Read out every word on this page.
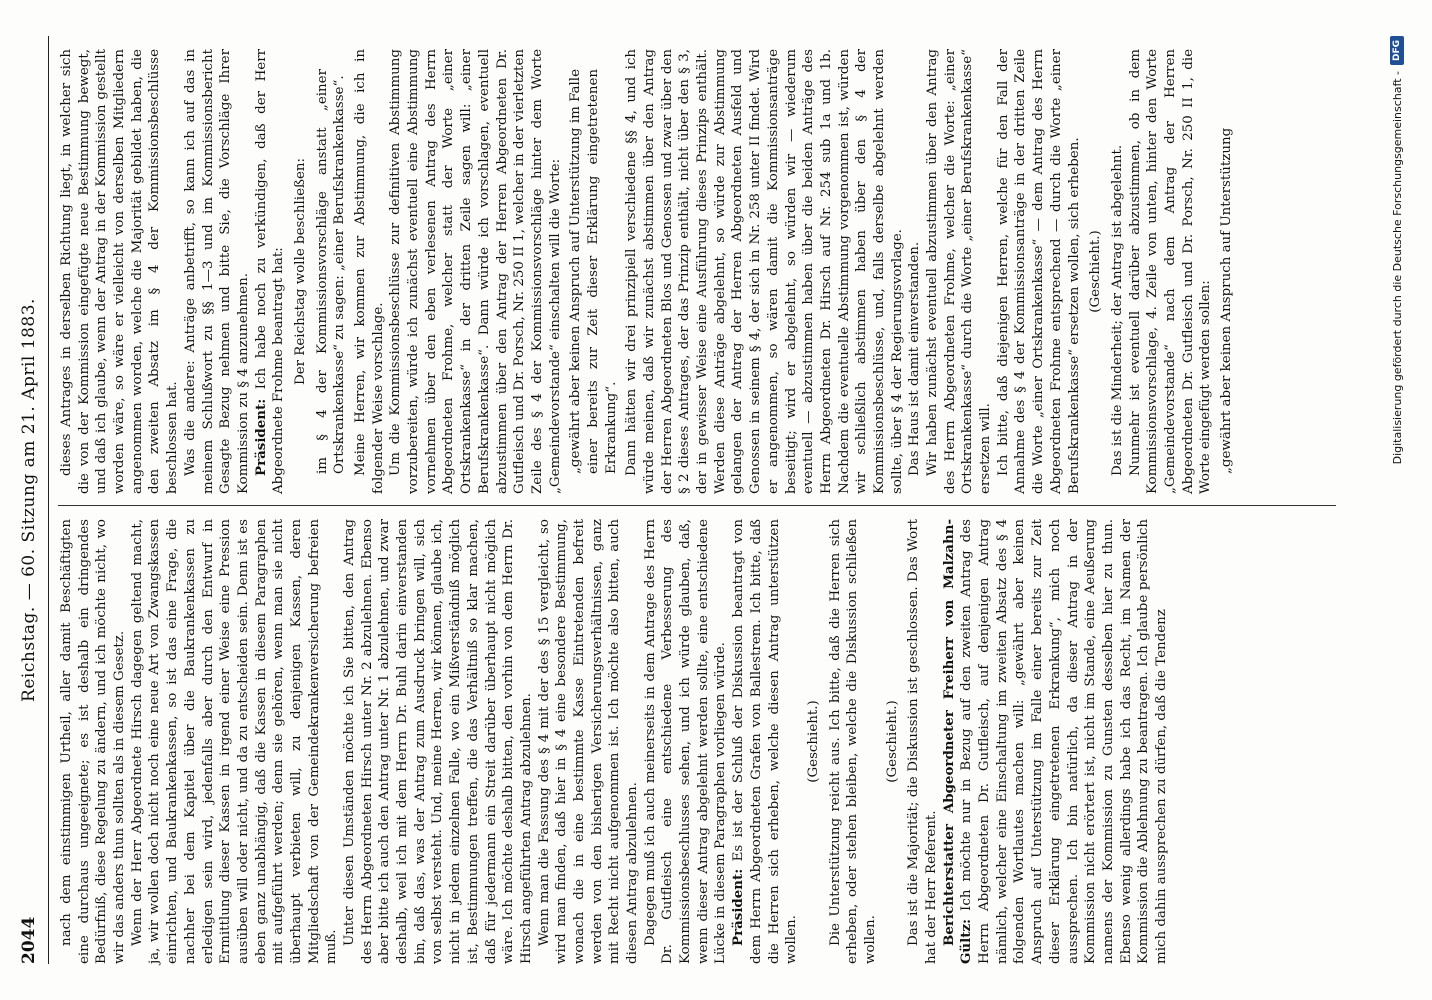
2044
Reichstag. — 60. Sitzung am 21. April 1883.

nach dem einstimmigen Urtheil, aller damit Beschäftigten eine durchaus ungeeignete; es ist deshalb ein dringendes Bedürfniß, diese Regelung zu ändern, und ich möchte nicht, wo wir das anders thun sollten als in diesem Gesetz. Wenn der Herr Abgeordnete Hirsch dagegen geltend macht, ja, wir wollen doch nicht noch eine neue Art von Zwangskassen einrichten, und Baukrankenkassen, so ist das eine Frage, die nachher bei dem Kapitel über die Baukrankenkassen zu erledigen sein wird, jedenfalls aber durch den Entwurf in Ermittlung dieser Kassen in irgend einer Weise eine Pression ausüben will oder nicht, und da zu entscheiden sein. Denn ist es eben ganz unabhängig, daß die Kassen in diesem Paragraphen mit aufgeführt werden; denn sie gehören, wenn man sie nicht überhaupt verbieten will, zu denjenigen Kassen, deren Mitgliedschaft von der Gemeindekrankenversicherung befreien muß.

Unter diesen Umständen möchte ich Sie bitten, den Antrag des Herrn Abgeordneten Hirsch unter Nr. 2 abzulehnen. Ebenso aber bitte ich auch den Antrag unter Nr. 1 abzulehnen, und zwar deshalb, weil ich mit dem Herrn Dr. Buhl darin einverstanden bin, daß das, was der Antrag zum Ausdruck bringen will, sich von selbst versteht. Und, meine Herren, wir können, glaube ich, nicht in jedem einzelnen Falle, wo ein Mißverständniß möglich ist, Bestimmungen treffen, die das Verhältniß so klar machen, daß für jedermann ein Streit darüber überhaupt nicht möglich wäre. Ich möchte deshalb bitten, den vorhin von dem Herrn Dr. Hirsch angeführten Antrag abzulehnen. Wenn man die Fassung des § 4 mit der des § 15 vergleicht, so wird man finden, daß hier in § 4 eine besondere Bestimmung, wonach die in eine bestimmte Kasse Eintretenden befreit werden von den bisherigen Versicherungsverhältnissen, ganz mit Recht nicht aufgenommen ist. Ich möchte also bitten, auch diesen Antrag abzulehnen. Dagegen muß ich auch meinerseits in dem Antrage des Herrn Dr. Gutfleisch eine entschiedene Verbesserung des Kommissionsbeschlusses sehen, und ich würde glauben, daß, wenn dieser Antrag abgelehnt werden sollte, eine entschiedene Lücke in diesem Paragraphen vorliegen würde. Präsident: Es ist der Schluß der Diskussion beantragt von dem Herrn Abgeordneten Grafen von Ballestrem. Ich bitte, daß die Herren sich erheben, welche diesen Antrag unterstützen wollen.

(Geschieht.) Die Unterstützung reicht aus. Ich bitte, daß die Herren sich erheben, oder stehen bleiben, welche die Diskussion schließen wollen.

(Geschieht.) Das ist die Majorität; die Diskussion ist geschlossen. Das Wort hat der Herr Referent. Berichterstatter Abgeordneter Freiherr von Malzahn-Gültz: Ich möchte nur in Bezug auf den zweiten Antrag des Herrn Abgeordneten Dr. Gutfleisch, auf denjenigen Antrag nämlich, welcher eine Einschaltung im zweiten Absatz des § 4 folgenden Wortlautes machen will: „gewährt aber keinen Anspruch auf Unterstützung im Falle einer bereits zur Zeit dieser Erklärung eingetretenen Erkrankung“, mich noch aussprechen. Ich bin natürlich, da dieser Antrag in der Kommission nicht erörtert ist, nicht im Stande, eine Aeußerung namens der Kommission zu Gunsten desselben hier zu thun. Ebenso wenig allerdings habe ich das Recht, im Namen der Kommission die Ablehnung zu beantragen. Ich glaube persönlich mich dahin aussprechen zu dürfen, daß die Tendenz

dieses Antrages in derselben Richtung liegt, in welcher sich die von der Kommission eingefügte neue Bestimmung bewegt, und daß ich glaube, wenn der Antrag in der Kommission gestellt worden wäre, so wäre er vielleicht von derselben Mitgliedern angenommen worden, welche die Majorität gebildet haben, die den zweiten Absatz im § 4 der Kommissionsbeschlüsse beschlossen hat. Was die andere: Anträge anbetrifft, so kann ich auf das in meinem Schlußwort zu §§ 1—3 und im Kommissionsbericht Gesagte Bezug nehmen und bitte Sie, die Vorschläge Ihrer Kommission zu § 4 anzunehmen. Präsident: Ich habe noch zu verkündigen, daß der Herr Abgeordnete Frohme beantragt hat: Der Reichstag wolle beschließen: im § 4 der Kommissionsvorschläge anstatt „einer Ortskrankenkasse“ zu sagen: „einer Berufskrankenkasse“. Meine Herren, wir kommen zur Abstimmung, die ich in folgender Weise vorschlage. Um die Kommissionsbeschlüsse zur definitiven Abstimmung vorzubereiten, würde ich zunächst eventuell eine Abstimmung vornehmen über den eben verlesenen Antrag des Herrn Abgeordneten Frohme, welcher statt der Worte „einer Ortskrankenkasse“ in der dritten Zeile sagen will: „einer Berufskrankenkasse“. Dann würde ich vorschlagen, eventuell abzustimmen über den Antrag der Herren Abgeordneten Dr. Gutfleisch und Dr. Porsch, Nr. 250 II 1, welcher in der vierletzten Zeile des § 4 der Kommissionsvorschläge hinter dem Worte „Gemeindevorstande“ einschalten will die Worte: „gewährt aber keinen Anspruch auf Unterstützung im Falle einer bereits zur Zeit dieser Erklärung eingetretenen Erkrankung“. Dann hätten wir drei prinzipiell verschiedene §§ 4, und ich würde meinen, daß wir zunächst abstimmen über den Antrag der Herren Abgeordneten Blos und Genossen und zwar über den § 2 dieses Antrages, der das Prinzip enthält, nicht über den § 3, der in gewisser Weise eine Ausführung dieses Prinzips enthält. Werden diese Anträge abgelehnt, so würde zur Abstimmung gelangen der Antrag der Herren Abgeordneten Ausfeld und Genossen in seinem § 4, der sich in Nr. 258 unter II findet. Wird er angenommen, so wären damit die Kommissionsanträge beseitigt; wird er abgelehnt, so würden wir — wiederum eventuell — abzustimmen haben über die beiden Anträge des Herrn Abgeordneten Dr. Hirsch auf Nr. 254 sub 1a und 1b. Nachdem die eventuelle Abstimmung vorgenommen ist, würden wir schließlich abstimmen haben über den § 4 der Kommissionsbeschlüsse, und, falls derselbe abgelehnt werden sollte, über § 4 der Regierungsvorlage. Das Haus ist damit einverstanden. Wir haben zunächst eventuell abzustimmen über den Antrag des Herrn Abgeordneten Frohme, welcher die Worte: „einer Ortskrankenkasse“ durch die Worte „einer Berufskrankenkasse“ ersetzen will. Ich bitte, daß diejenigen Herren, welche für den Fall der Annahme des § 4 der Kommissionsanträge in der dritten Zeile die Worte „einer Ortskrankenkasse“ — dem Antrag des Herrn Abgeordneten Frohme entsprechend — durch die Worte „einer Berufskrankenkasse“ ersetzen wollen, sich erheben. (Geschieht.) Das ist die Minderheit; der Antrag ist abgelehnt. Nunmehr ist eventuell darüber abzustimmen, ob in dem Kommissionsvorschlage, 4. Zeile von unten, hinter den Worte „Gemeindevorstande“ nach dem Antrag der Herren Abgeordneten Dr. Gutfleisch und Dr. Porsch, Nr. 250 II 1, die Worte eingefügt werden sollen: „gewährt aber keinen Anspruch auf Unterstützung	Digitalisierung gefördert durch die Deutsche Forschungsgemeinschaft -
DFG
